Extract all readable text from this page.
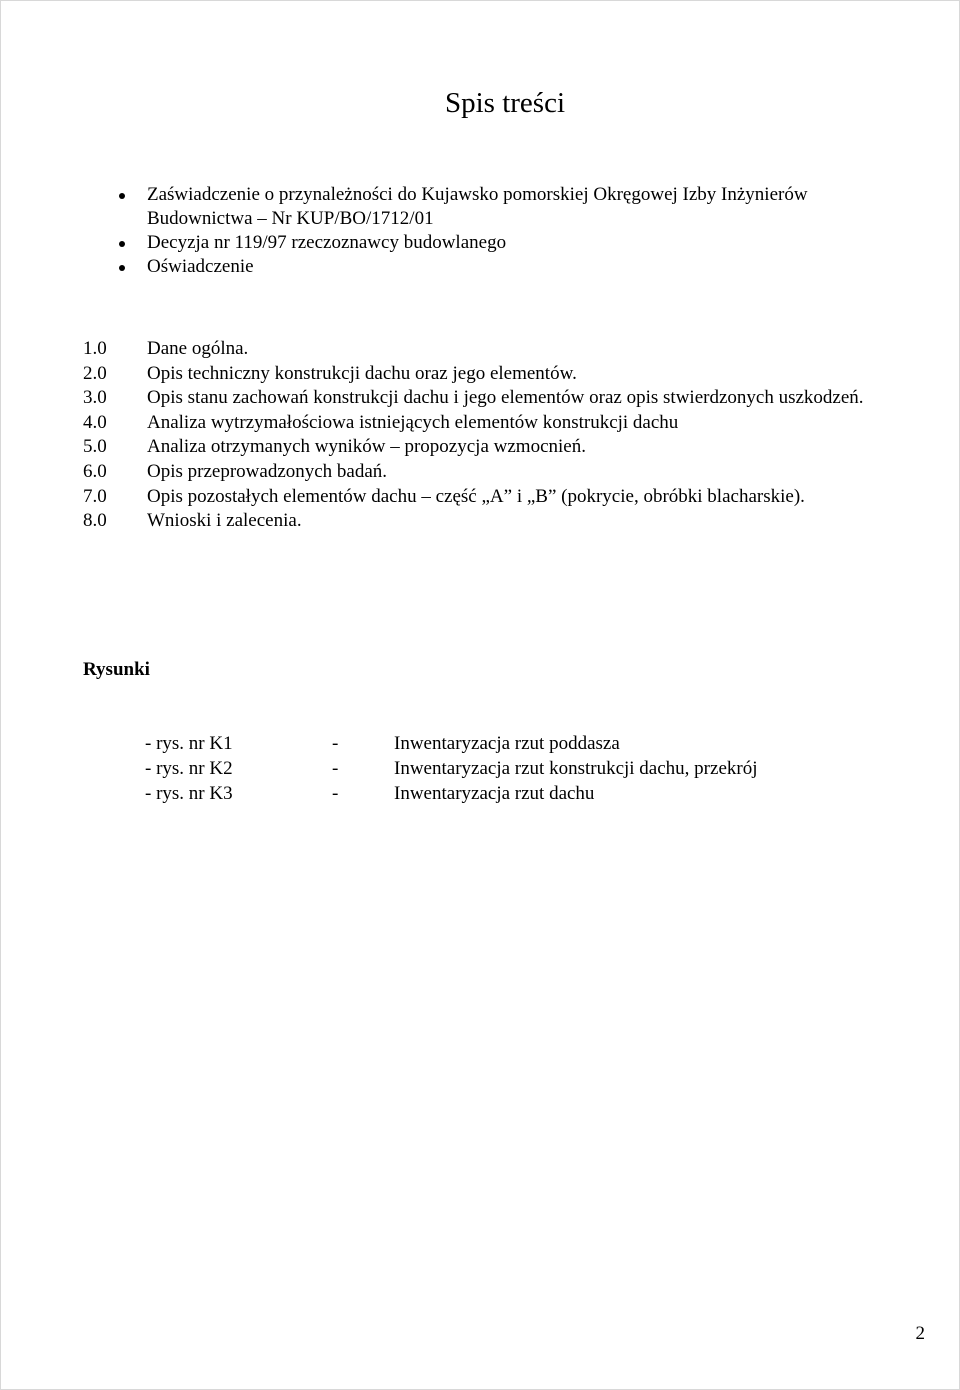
Spis treści
Zaświadczenie o przynależności do Kujawsko pomorskiej Okręgowej Izby Inżynierów Budownictwa – Nr KUP/BO/1712/01
Decyzja nr 119/97 rzeczoznawcy budowlanego
Oświadczenie
1.0	Dane ogólna.
2.0	Opis techniczny konstrukcji dachu oraz jego elementów.
3.0	Opis stanu zachowań konstrukcji dachu i jego elementów oraz opis stwierdzonych uszkodzeń.
4.0	Analiza wytrzymałościowa istniejących elementów konstrukcji dachu
5.0	Analiza otrzymanych wyników – propozycja wzmocnień.
6.0	Opis przeprowadzonych badań.
7.0	Opis pozostałych elementów dachu – część „A” i „B” (pokrycie, obróbki blacharskie).
8.0	Wnioski i zalecenia.
Rysunki
- rys. nr K1	-	Inwentaryzacja rzut poddasza
- rys. nr K2	-	Inwentaryzacja rzut konstrukcji dachu, przekrój
- rys. nr K3	-	Inwentaryzacja rzut dachu
2
